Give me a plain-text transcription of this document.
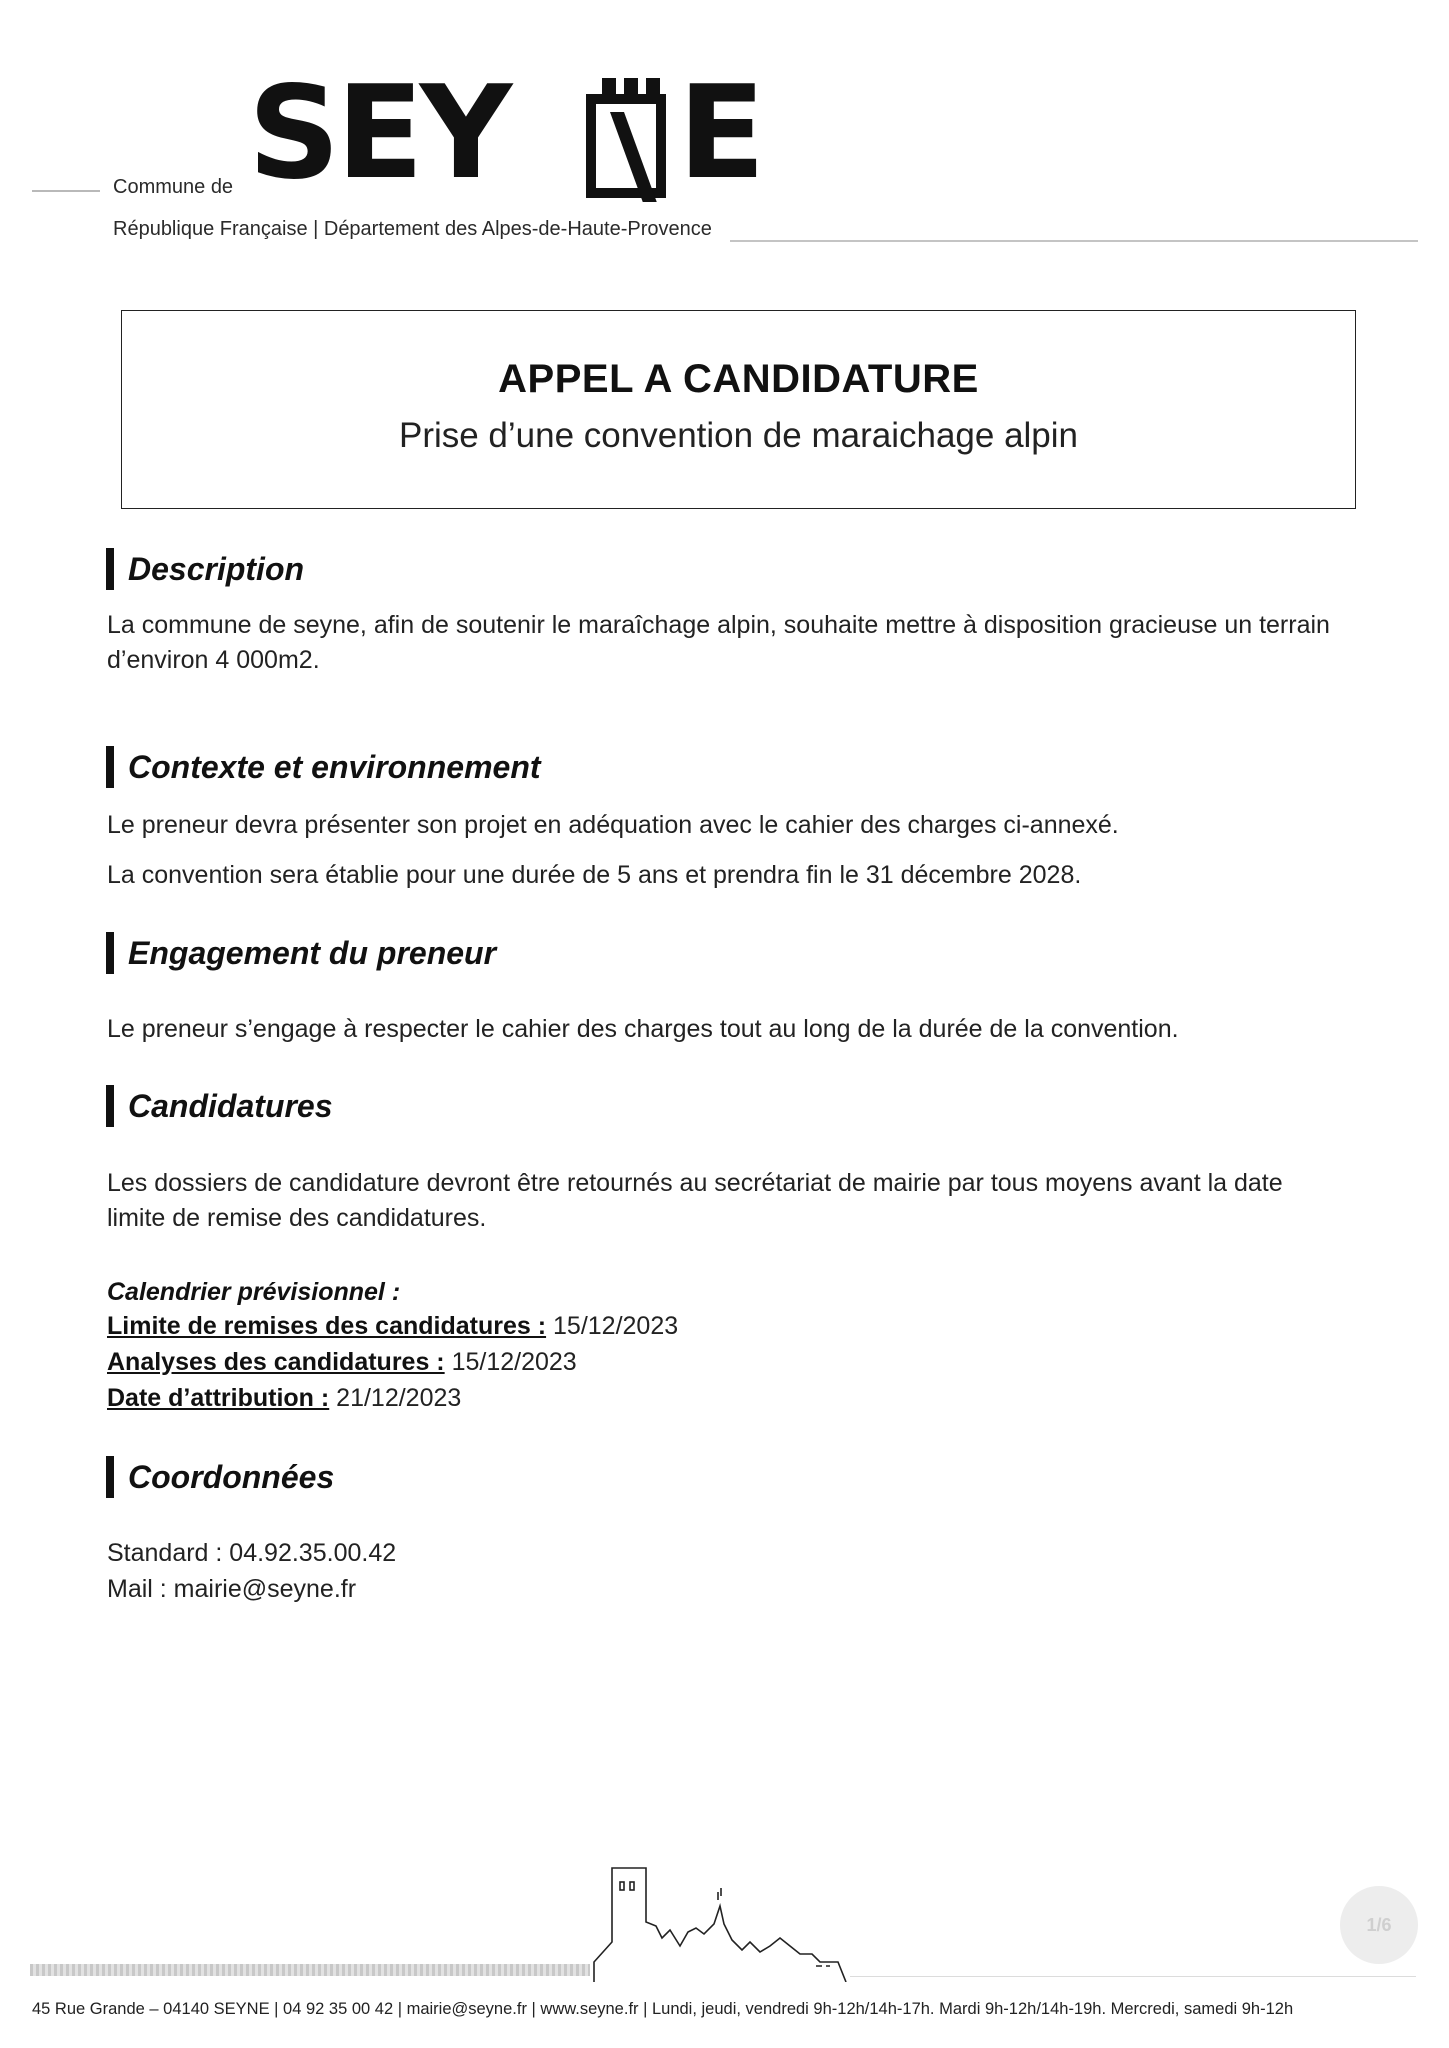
Commune de SEY E
République Française | Département des Alpes-de-Haute-Provence
APPEL A CANDIDATURE
Prise d’une convention de maraichage alpin
Description
La commune de seyne, afin de soutenir le maraîchage alpin, souhaite mettre à disposition gracieuse un terrain d’environ 4 000m2.
Contexte et environnement
Le preneur devra présenter son projet en adéquation avec le cahier des charges ci-annexé.
La convention sera établie pour une durée de 5 ans et prendra fin le 31 décembre 2028.
Engagement du preneur
Le preneur s’engage à respecter le cahier des charges tout au long de la durée de la convention.
Candidatures
Les dossiers de candidature devront être retournés au secrétariat de mairie par tous moyens avant la date limite de remise des candidatures.
Calendrier prévisionnel :
Limite de remises des candidatures : 15/12/2023
Analyses des candidatures : 15/12/2023
Date d’attribution : 21/12/2023
Coordonnées
Standard : 04.92.35.00.42
Mail : mairie@seyne.fr
1/6
45 Rue Grande – 04140 SEYNE | 04 92 35 00 42 | mairie@seyne.fr | www.seyne.fr | Lundi, jeudi, vendredi 9h-12h/14h-17h. Mardi 9h-12h/14h-19h. Mercredi, samedi 9h-12h
